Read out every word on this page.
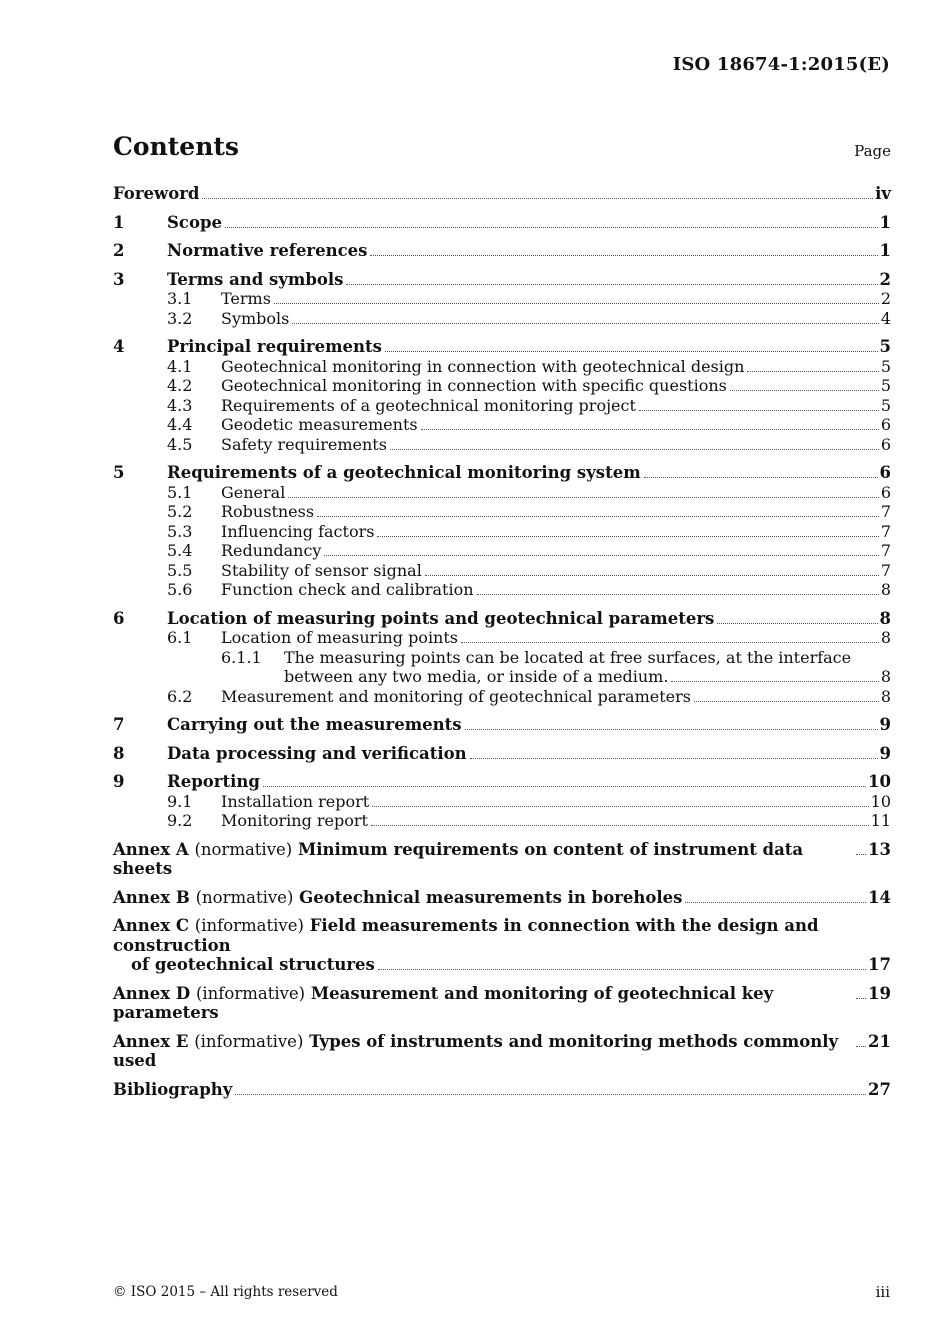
ISO 18674-1:2015(E)
Contents	Page
Foreword	iv
1	Scope	1
2	Normative references	1
3	Terms and symbols	2
3.1	Terms	2
3.2	Symbols	4
4	Principal requirements	5
4.1	Geotechnical monitoring in connection with geotechnical design	5
4.2	Geotechnical monitoring in connection with specific questions	5
4.3	Requirements of a geotechnical monitoring project	5
4.4	Geodetic measurements	6
4.5	Safety requirements	6
5	Requirements of a geotechnical monitoring system	6
5.1	General	6
5.2	Robustness	7
5.3	Influencing factors	7
5.4	Redundancy	7
5.5	Stability of sensor signal	7
5.6	Function check and calibration	8
6	Location of measuring points and geotechnical parameters	8
6.1	Location of measuring points	8
6.1.1	The measuring points can be located at free surfaces, at the interface
between any two media, or inside of a medium.	8
6.2	Measurement and monitoring of geotechnical parameters	8
7	Carrying out the measurements	9
8	Data processing and verification	9
9	Reporting	10
9.1	Installation report	10
9.2	Monitoring report	11
Annex A (normative) Minimum requirements on content of instrument data sheets
13
Annex B (normative) Geotechnical measurements in boreholes	14
Annex C (informative) Field measurements in connection with the design and construction
of geotechnical structures	17
Annex D (informative) Measurement and monitoring of geotechnical key parameters
19
Annex E (informative) Types of instruments and monitoring methods commonly used
21
Bibliography	27
© ISO 2015 – All rights reserved	iii
